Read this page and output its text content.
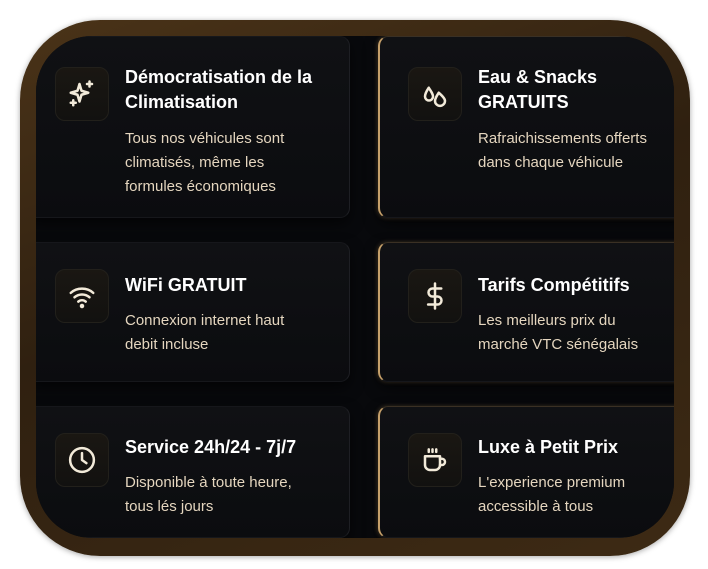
Démocratisation de la
Climatisation
Tous nos véhicules sont
climatisés, même les
formules économiques
Eau & Snacks
GRATUITS
Rafraichissements offerts
dans chaque véhicule
WiFi GRATUIT
Connexion internet haut
debit incluse
Tarifs Compétitifs
Les meilleurs prix du
marché VTC sénégalais
Service 24h/24 - 7j/7
Disponible à toute heure,
tous lés jours
Luxe à Petit Prix
L'experience premium
accessible à tous
